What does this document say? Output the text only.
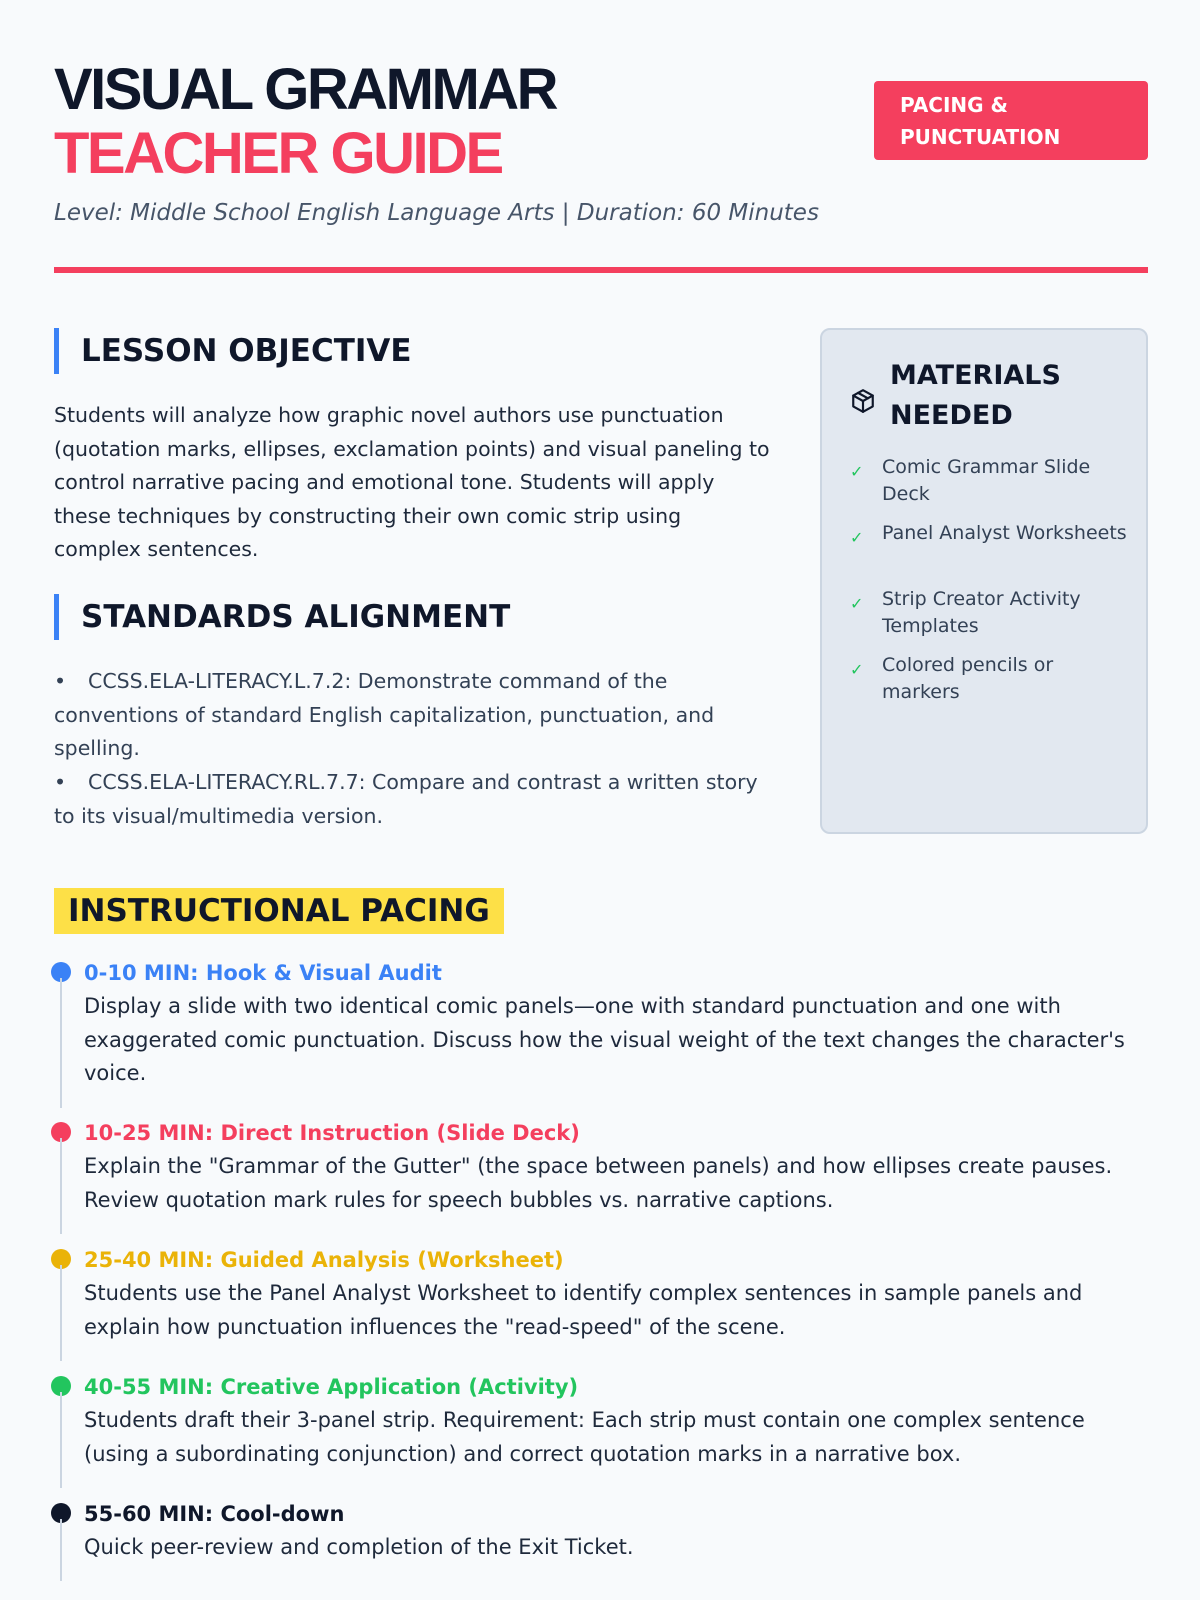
VISUAL GRAMMAR
TEACHER GUIDE
PACING & PUNCTUATION
Level: Middle School English Language Arts | Duration: 60 Minutes
LESSON OBJECTIVE
Students will analyze how graphic novel authors use punctuation (quotation marks, ellipses, exclamation points) and visual paneling to control narrative pacing and emotional tone. Students will apply these techniques by constructing their own comic strip using complex sentences.
STANDARDS ALIGNMENT
• CCSS.ELA-LITERACY.L.7.2: Demonstrate command of the conventions of standard English capitalization, punctuation, and spelling.
• CCSS.ELA-LITERACY.RL.7.7: Compare and contrast a written story to its visual/multimedia version.
MATERIALS NEEDED
✓ Comic Grammar Slide Deck
✓ Panel Analyst Worksheets
✓ Strip Creator Activity Templates
✓ Colored pencils or markers
INSTRUCTIONAL PACING
0-10 MIN: Hook & Visual Audit
Display a slide with two identical comic panels—one with standard punctuation and one with exaggerated comic punctuation. Discuss how the visual weight of the text changes the character's voice.
10-25 MIN: Direct Instruction (Slide Deck)
Explain the "Grammar of the Gutter" (the space between panels) and how ellipses create pauses. Review quotation mark rules for speech bubbles vs. narrative captions.
25-40 MIN: Guided Analysis (Worksheet)
Students use the Panel Analyst Worksheet to identify complex sentences in sample panels and explain how punctuation influences the "read-speed" of the scene.
40-55 MIN: Creative Application (Activity)
Students draft their 3-panel strip. Requirement: Each strip must contain one complex sentence (using a subordinating conjunction) and correct quotation marks in a narrative box.
55-60 MIN: Cool-down
Quick peer-review and completion of the Exit Ticket.
